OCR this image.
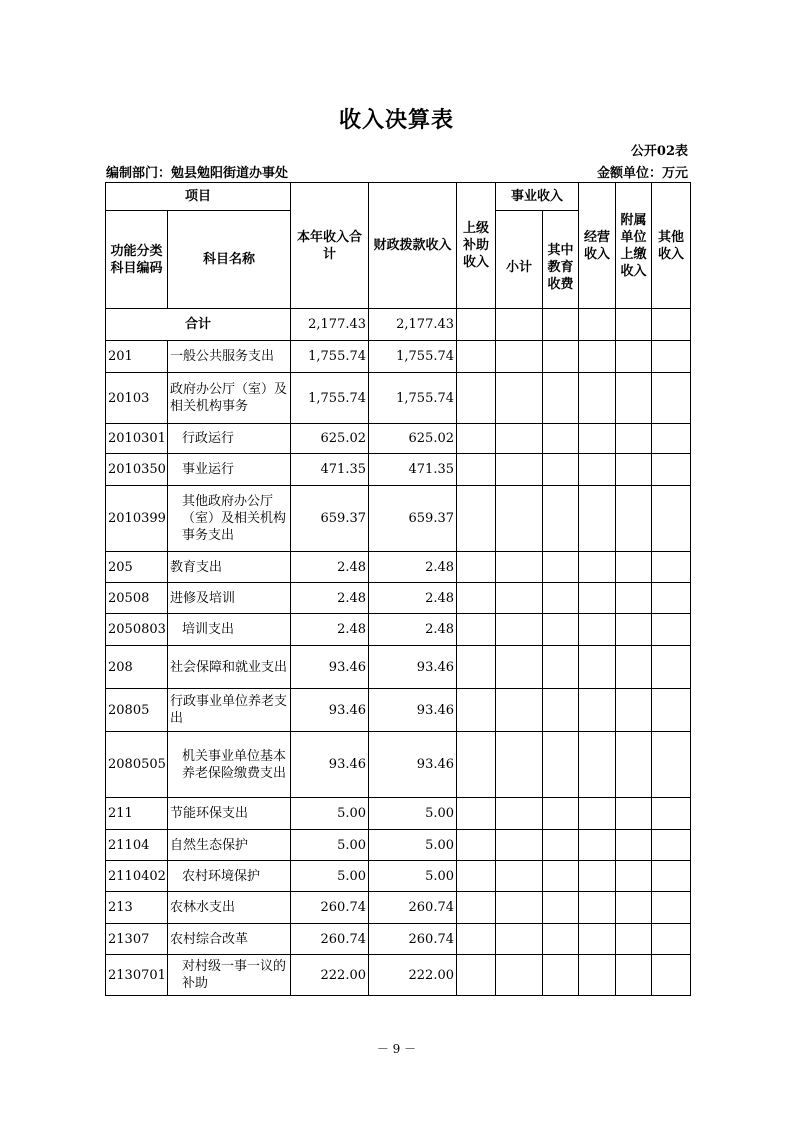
收入决算表
公开02表
编制部门：勉县勉阳街道办事处	金额单位：万元
项目		本年收入合计	财政拨款收入	上级补助收入	事业收入		经营收入	附属单位上缴收入	其他收入
功能分类科目编码	科目名称								
					小计	其中教育收费			
合计		2,177.43	2,177.43						
201	一般公共服务支出	1,755.74	1,755.74						
20103	政府办公厅（室）及相关机构事务	1,755.74	1,755.74						
2010301	行政运行	625.02	625.02						
2010350	事业运行	471.35	471.35						
2010399	其他政府办公厅（室）及相关机构事务支出	659.37	659.37						
205	教育支出	2.48	2.48						
20508	进修及培训	2.48	2.48						
2050803	培训支出	2.48	2.48						
208	社会保障和就业支出	93.46	93.46						
20805	行政事业单位养老支出	93.46	93.46						
2080505	机关事业单位基本养老保险缴费支出	93.46	93.46						
211	节能环保支出	5.00	5.00						
21104	自然生态保护	5.00	5.00						
2110402	农村环境保护	5.00	5.00						
213	农林水支出	260.74	260.74						
21307	农村综合改革	260.74	260.74						
2130701	对村级一事一议的补助	222.00	222.00						
－ 9 －
